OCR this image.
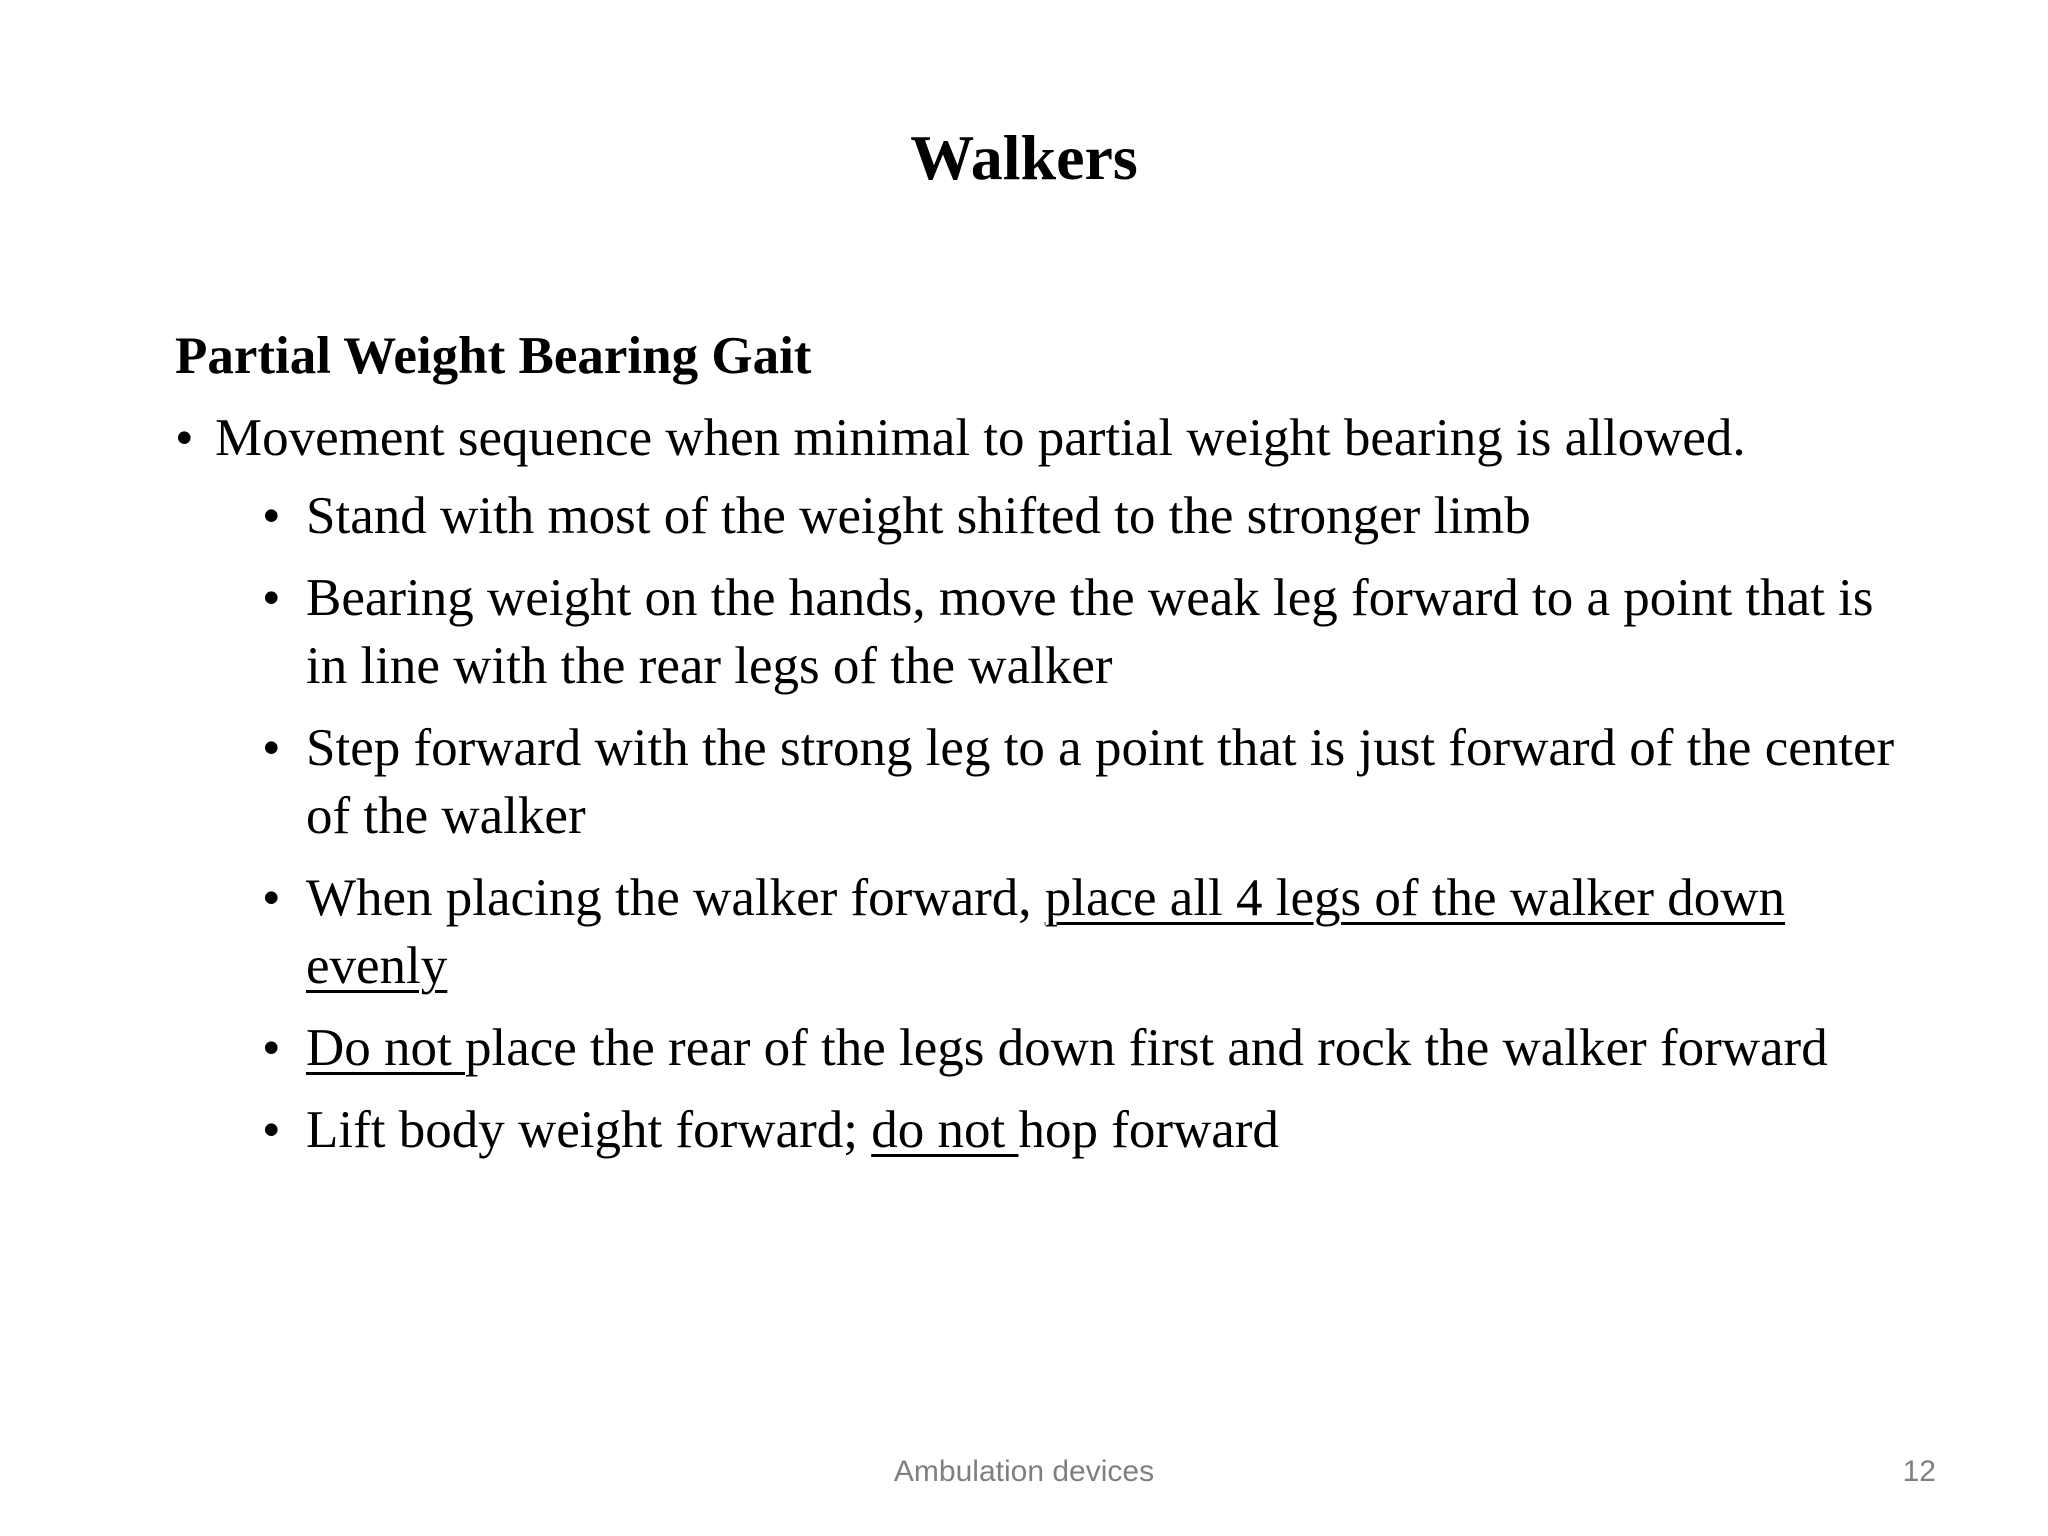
Walkers
Partial Weight Bearing Gait
• Movement sequence when minimal to partial weight bearing is allowed.
• Stand with most of the weight shifted to the stronger limb
• Bearing weight on the hands, move the weak leg forward to a point that is in line with the rear legs of the walker
• Step forward with the strong leg to a point that is just forward of the center of the walker
• When placing the walker forward, place all 4 legs of the walker down evenly
• Do not place the rear of the legs down first and rock the walker forward
• Lift body weight forward; do not hop forward
Ambulation devices	12
